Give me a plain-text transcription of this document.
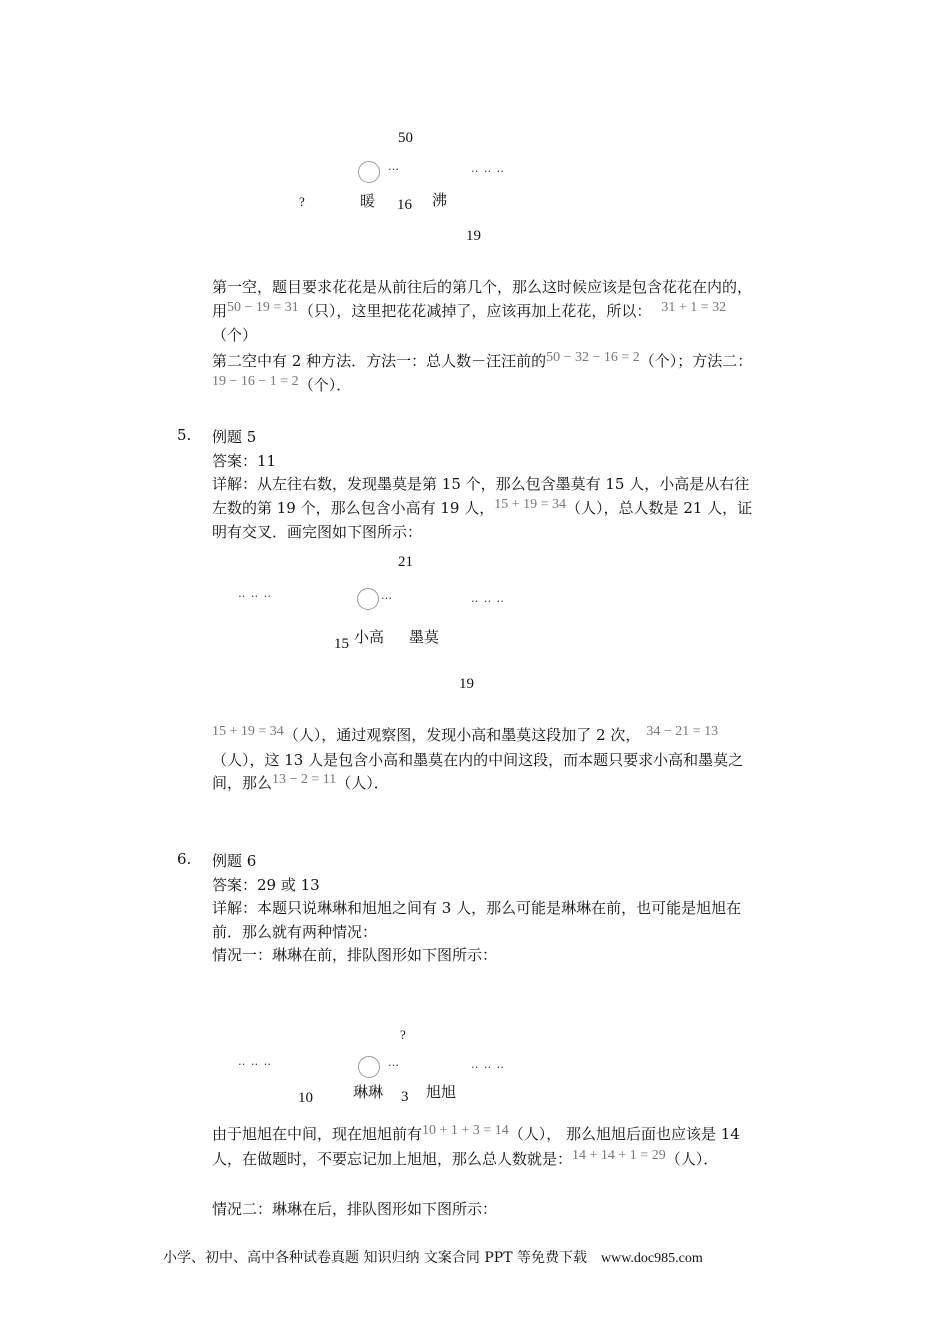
50
…	‥ ‥ ‥
?	暖 16 沸
19
第一空，题目要求花花是从前往后的第几个，那么这时候应该是包含花花在内的，
用50 − 19 = 31（只），这里把花花减掉了，应该再加上花花，所以： 31 + 1 = 32
（个）
第二空中有 2 种方法．方法一：总人数－汪汪前的50 − 32 − 16 = 2（个）；方法二：
19 − 16 − 1 = 2（个）．
5. 例题 5
答案：11
详解：从左往右数，发现墨莫是第 15 个，那么包含墨莫有 15 人，小高是从右往
左数的第 19 个，那么包含小高有 19 人，15 + 19 = 34（人），总人数是 21 人，证
明有交叉．画完图如下图所示：
21
‥ ‥ ‥	…	‥ ‥ ‥
15 小高 墨莫
19
15 + 19 = 34（人），通过观察图，发现小高和墨莫这段加了 2 次， 34 − 21 = 13
（人），这 13 人是包含小高和墨莫在内的中间这段，而本题只要求小高和墨莫之
间，那么13 − 2 = 11（人）．
6. 例题 6
答案：29 或 13
详解：本题只说琳琳和旭旭之间有 3 人，那么可能是琳琳在前，也可能是旭旭在
前．那么就有两种情况：
情况一：琳琳在前，排队图形如下图所示：
?
‥ ‥ ‥	…	‥ ‥ ‥
10	琳琳 3 旭旭
由于旭旭在中间，现在旭旭前有10 + 1 + 3 = 14（人）， 那么旭旭后面也应该是 14
人，在做题时，不要忘记加上旭旭，那么总人数就是：14 + 14 + 1 = 29（人）．
情况二：琳琳在后，排队图形如下图所示：
小学、初中、高中各种试卷真题 知识归纳 文案合同 PPT 等免费下载 www.doc985.com
